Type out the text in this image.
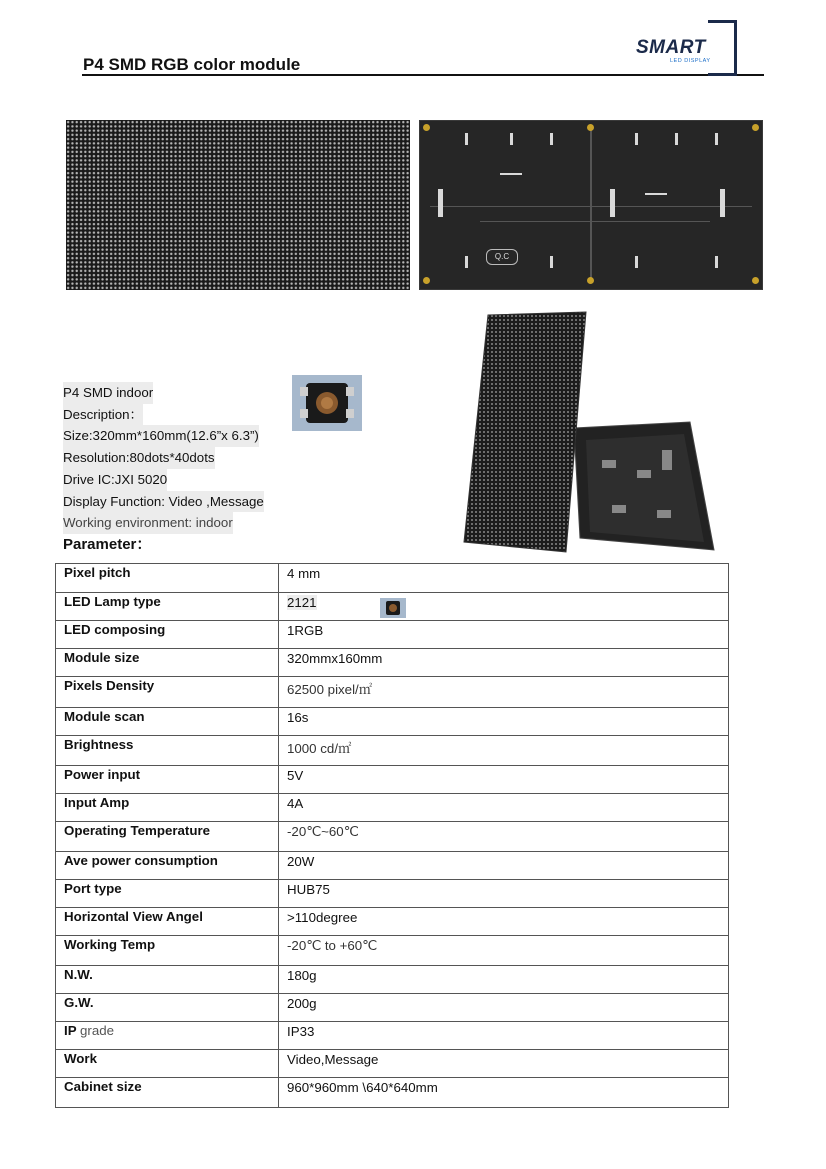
P4 SMD RGB color module
SMART
LED DISPLAY
Q.C
P4 SMD indoor
Description：
Size:320mm*160mm(12.6”x 6.3”)
Resolution:80dots*40dots
Drive IC:JXI 5020
Display Function: Video ,Message
Working environment: indoor
Parameter：
Pixel pitch	4 mm
LED Lamp type	2121
LED composing	1RGB
Module size	320mmx160mm
Pixels Density	62500 pixel/㎡
Module scan	16s
Brightness	1000 cd/㎡
Power input	5V
Input Amp	4A
Operating Temperature	-20℃~60℃
Ave power consumption	20W
Port type	HUB75
Horizontal View Angel	>110degree
Working Temp	-20℃ to +60℃
N.W.	180g
G.W.	200g
IP grade	IP33
Work	Video,Message
Cabinet size	960*960mm \640*640mm
